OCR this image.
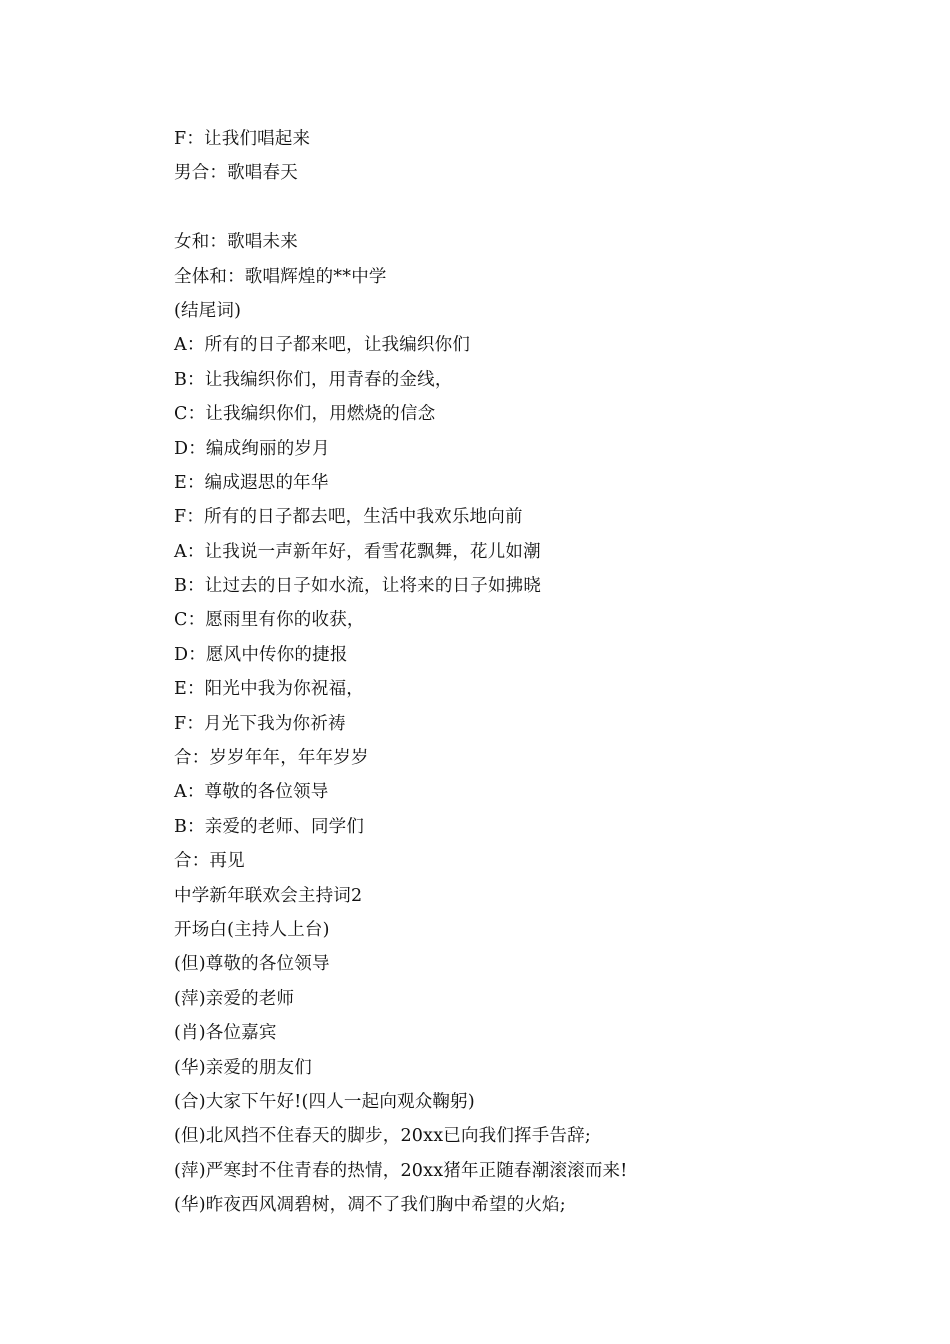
F：让我们唱起来
男合：歌唱春天
女和：歌唱未来
全体和：歌唱辉煌的**中学
(结尾词)
A：所有的日子都来吧，让我编织你们
B：让我编织你们，用青春的金线，
C：让我编织你们，用燃烧的信念
D：编成绚丽的岁月
E：编成遐思的年华
F：所有的日子都去吧，生活中我欢乐地向前
A：让我说一声新年好，看雪花飘舞，花儿如潮
B：让过去的日子如水流，让将来的日子如拂晓
C：愿雨里有你的收获，
D：愿风中传你的捷报
E：阳光中我为你祝福，
F：月光下我为你祈祷
合：岁岁年年，年年岁岁
A：尊敬的各位领导
B：亲爱的老师、同学们
合：再见
中学新年联欢会主持词2
开场白(主持人上台)
(但)尊敬的各位领导
(萍)亲爱的老师
(肖)各位嘉宾
(华)亲爱的朋友们
(合)大家下午好!(四人一起向观众鞠躬)
(但)北风挡不住春天的脚步，20xx已向我们挥手告辞;
(萍)严寒封不住青春的热情，20xx猪年正随春潮滚滚而来!
(华)昨夜西风凋碧树，凋不了我们胸中希望的火焰;
